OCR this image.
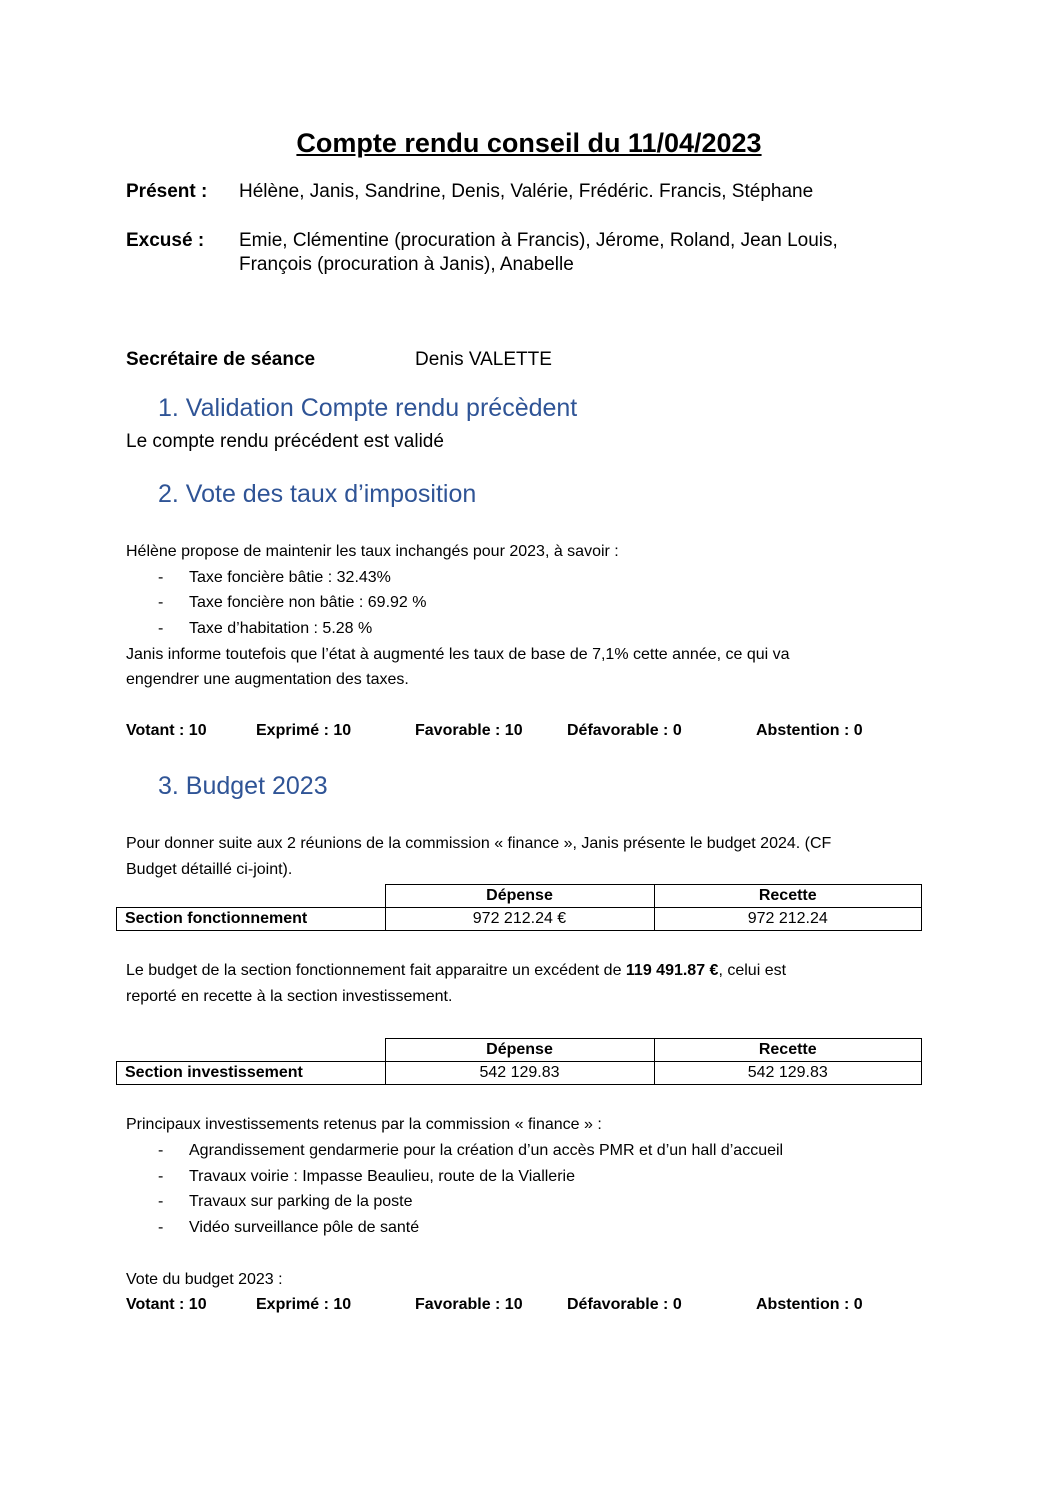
Compte rendu conseil du 11/04/2023
Présent : Hélène, Janis, Sandrine, Denis, Valérie, Frédéric. Francis, Stéphane
Excusé : Emie, Clémentine (procuration à Francis), Jérome, Roland, Jean Louis,
François (procuration à Janis), Anabelle
Secrétaire de séance	Denis VALETTE
1. Validation Compte rendu précèdent
Le compte rendu précédent est validé
2. Vote des taux d’imposition
Hélène propose de maintenir les taux inchangés pour 2023, à savoir :
- Taxe foncière bâtie : 32.43%
- Taxe foncière non bâtie : 69.92 %
- Taxe d’habitation : 5.28 %
Janis informe toutefois que l’état à augmenté les taux de base de 7,1% cette année, ce qui va
engendrer une augmentation des taxes.
Votant : 10	Exprimé : 10	Favorable : 10	Défavorable : 0	Abstention : 0
3. Budget 2023
Pour donner suite aux 2 réunions de la commission « finance », Janis présente le budget 2024. (CF
Budget détaillé ci-joint).
	Dépense	Recette
Section fonctionnement	972 212.24 €	972 212.24
Le budget de la section fonctionnement fait apparaitre un excédent de 119 491.87 €, celui est
reporté en recette à la section investissement.
	Dépense	Recette
Section investissement	542 129.83	542 129.83
Principaux investissements retenus par la commission « finance » :
- Agrandissement gendarmerie pour la création d’un accès PMR et d’un hall d’accueil
- Travaux voirie : Impasse Beaulieu, route de la Viallerie
- Travaux sur parking de la poste
- Vidéo surveillance pôle de santé
Vote du budget 2023 :
Votant : 10	Exprimé : 10	Favorable : 10	Défavorable : 0	Abstention : 0
